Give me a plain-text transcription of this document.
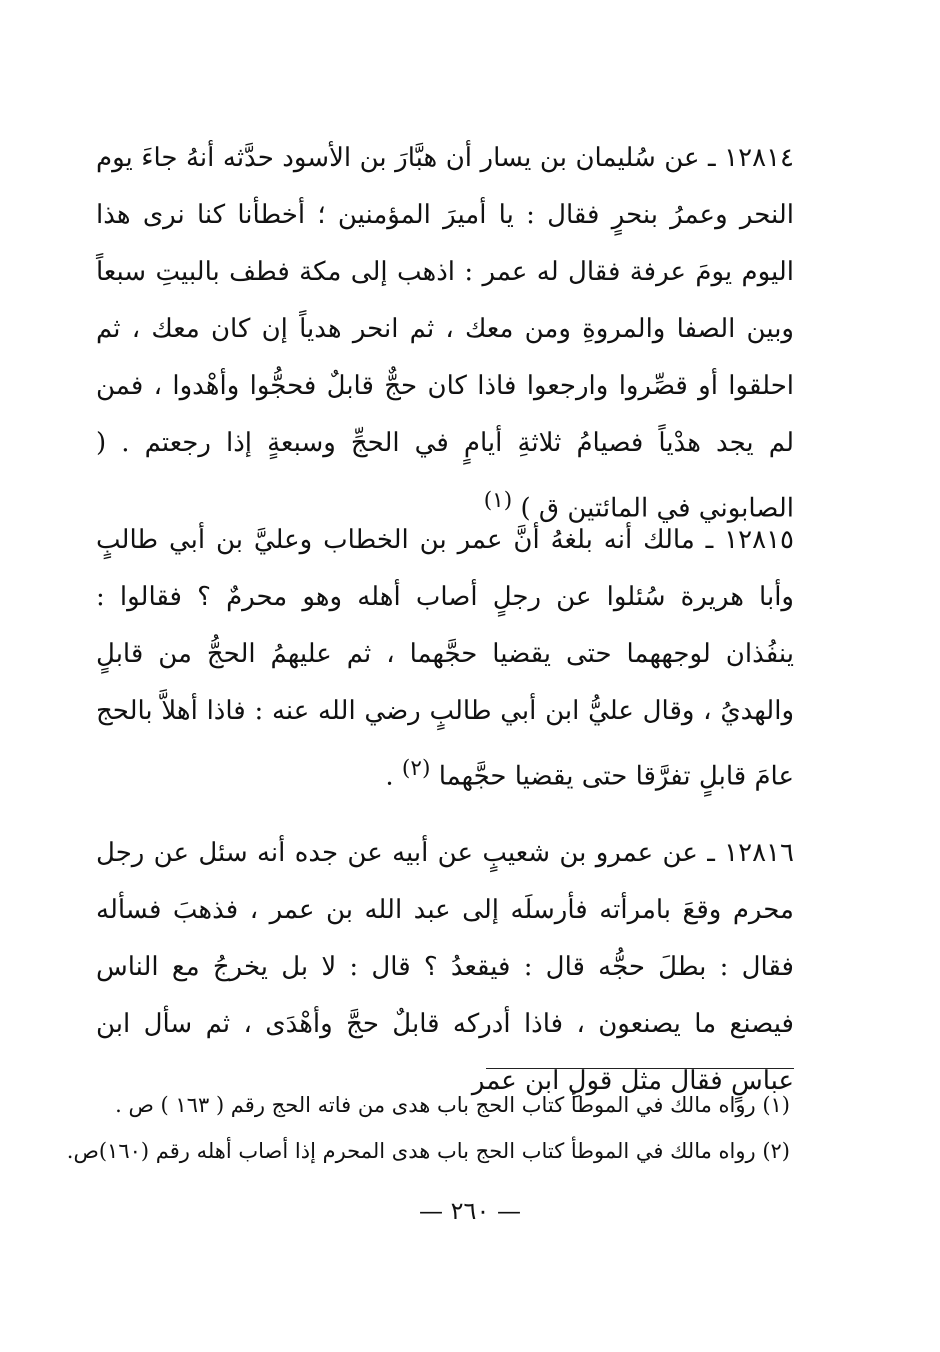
١٢٨١٤ ـ عن سُليمان بن يسار أن هبَّارَ بن الأسود حدَّثه أنهُ جاءَ يوم النحر وعمرُ بنحرٍ فقال : يا أميرَ المؤمنين ؛ أخطأنا كنا نرى هذا اليوم يومَ عرفة فقال له عمر : اذهب إلى مكة فطف بالبيتِ سبعاً وبين الصفا والمروةِ ومن معك ، ثم انحر هدياً إن كان معك ، ثم احلقوا أو قصِّروا وارجعوا فاذا كان حجٌّ قابلٌ فحجُّوا وأهْدوا ، فمن لم يجد هدْياً فصيامُ ثلاثةِ أيامٍ في الحجِّ وسبعةٍ إذا رجعتم . ( الصابوني في المائتين ق ) $^{(١)}$

١٢٨١٥ ـ مالك أنه بلغهُ أنَّ عمر بن الخطاب وعليَّ بن أبي طالبٍ وأبا هريرة سُئلوا عن رجلٍ أصاب أهله وهو محرمٌ ؟ فقالوا : ينفُذان لوجههما حتى يقضيا حجَّهما ، ثم عليهمُ الحجُّ من قابلٍ والهديُ ، وقال عليُّ ابن أبي طالبٍ رضي الله عنه : فاذا أهلاَّ بالحج عامَ قابلٍ تفرَّقا حتى يقضيا حجَّهما $^{(٢)}$ .

١٢٨١٦ ـ عن عمرو بن شعيبٍ عن أبيه عن جده أنه سئل عن رجل محرم وقعَ بامرأته فأرسلَه إلى عبد الله بن عمر ، فذهبَ فسأله فقال : بطلَ حجُّه قال : فيقعدُ ؟ قال : لا بل يخرجُ مع الناس فيصنع ما يصنعون ، فاذا أدركه قابلٌ حجَّ وأهْدَى ، ثم سأل ابن عباسٍ فقال مثل قولِ ابن عمر

(١) رواه مالك في الموطأ كتاب الحج باب هدى من فاته الحج رقم ( ١٦٣ ) ص .
(٢) رواه مالك في الموطأ كتاب الحج باب هدى المحرم إذا أصاب أهله رقم (١٦٠)ص.
— ٢٦٠ —
